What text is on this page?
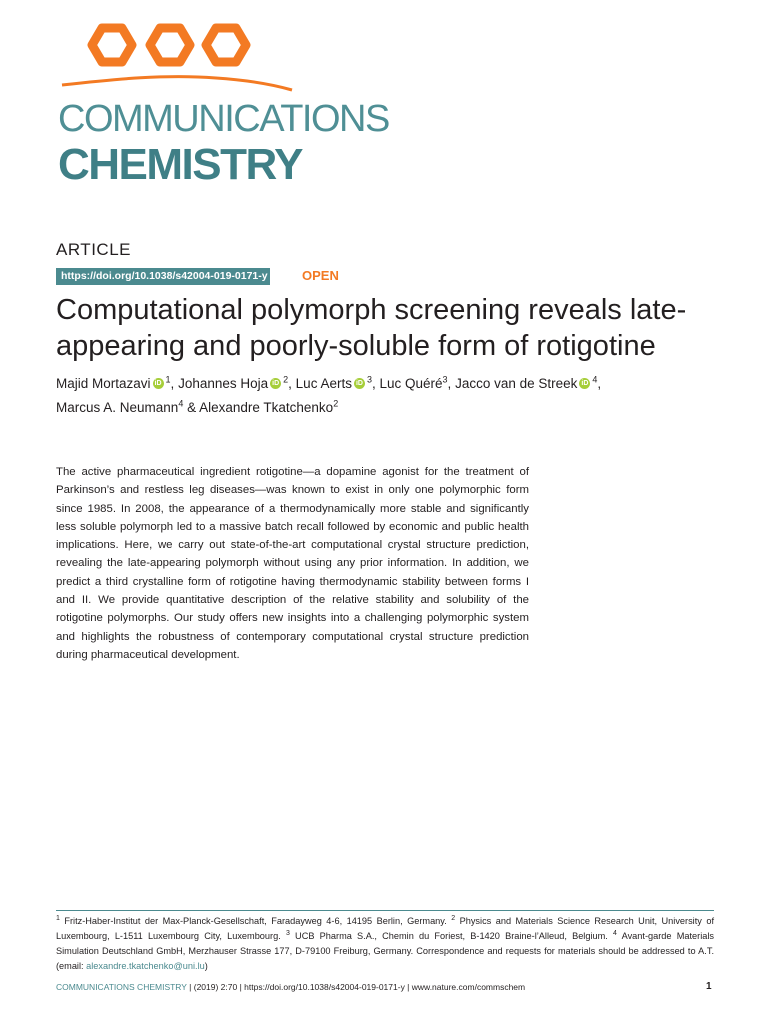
COMMUNICATIONS
CHEMISTRY
ARTICLE
https://doi.org/10.1038/s42004-019-0171-y	OPEN
Computational polymorph screening reveals late-appearing and poorly-soluble form of rotigotine
Majid Mortazavi iD $^1$, Johannes Hoja iD $^2$, Luc Aerts iD $^3$, Luc Quéré$^3$, Jacco van de Streek iD $^4$,
Marcus A. Neumann$^4$ & Alexandre Tkatchenko$^2$

The active pharmaceutical ingredient rotigotine—a dopamine agonist for the treatment of Parkinson’s and restless leg diseases—was known to exist in only one polymorphic form since 1985. In 2008, the appearance of a thermodynamically more stable and significantly less soluble polymorph led to a massive batch recall followed by economic and public health implications. Here, we carry out state-of-the-art computational crystal structure prediction, revealing the late-appearing polymorph without using any prior information. In addition, we predict a third crystalline form of rotigotine having thermodynamic stability between forms I and II. We provide quantitative description of the relative stability and solubility of the rotigotine polymorphs. Our study offers new insights into a challenging polymorphic system and highlights the robustness of contemporary computational crystal structure prediction during pharmaceutical development.

$^1$ Fritz-Haber-Institut der Max-Planck-Gesellschaft, Faradayweg 4-6, 14195 Berlin, Germany. $^2$ Physics and Materials Science Research Unit, University of Luxembourg, L-1511 Luxembourg City, Luxembourg. $^3$ UCB Pharma S.A., Chemin du Foriest, B-1420 Braine-l’Alleud, Belgium. $^4$ Avant-garde Materials Simulation Deutschland GmbH, Merzhauser Strasse 177, D-79100 Freiburg, Germany. Correspondence and requests for materials should be addressed to A.T. (email: alexandre.tkatchenko@uni.lu)
COMMUNICATIONS CHEMISTRY | (2019) 2:70 | https://doi.org/10.1038/s42004-019-0171-y | www.nature.com/commschem	1
